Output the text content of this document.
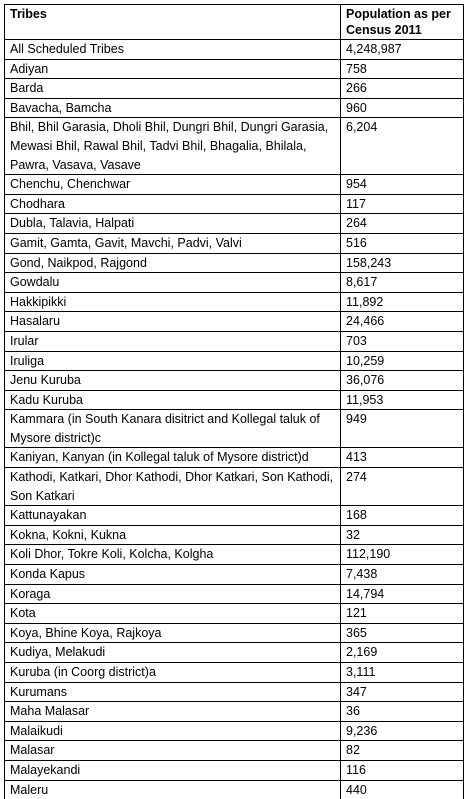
Tribes	Population as per Census 2011
All Scheduled Tribes	4,248,987
Adiyan	758
Barda	266
Bavacha, Bamcha	960
Bhil, Bhil Garasia, Dholi Bhil, Dungri Bhil, Dungri Garasia, Mewasi Bhil, Rawal Bhil, Tadvi Bhil, Bhagalia, Bhilala, Pawra, Vasava, Vasave	6,204
Chenchu, Chenchwar	954
Chodhara	117
Dubla, Talavia, Halpati	264
Gamit, Gamta, Gavit, Mavchi, Padvi, Valvi	516
Gond, Naikpod, Rajgond	158,243
Gowdalu	8,617
Hakkipikki	11,892
Hasalaru	24,466
Irular	703
Iruliga	10,259
Jenu Kuruba	36,076
Kadu Kuruba	11,953
Kammara (in South Kanara disitrict and Kollegal taluk of Mysore district)c	949
Kaniyan, Kanyan (in Kollegal taluk of Mysore district)d	413
Kathodi, Katkari, Dhor Kathodi, Dhor Katkari, Son Kathodi, Son Katkari	274
Kattunayakan	168
Kokna, Kokni, Kukna	32
Koli Dhor, Tokre Koli, Kolcha, Kolgha	112,190
Konda Kapus	7,438
Koraga	14,794
Kota	121
Koya, Bhine Koya, Rajkoya	365
Kudiya, Melakudi	2,169
Kuruba (in Coorg district)a	3,111
Kurumans	347
Maha Malasar	36
Malaikudi	9,236
Malasar	82
Malayekandi	116
Maleru	440
